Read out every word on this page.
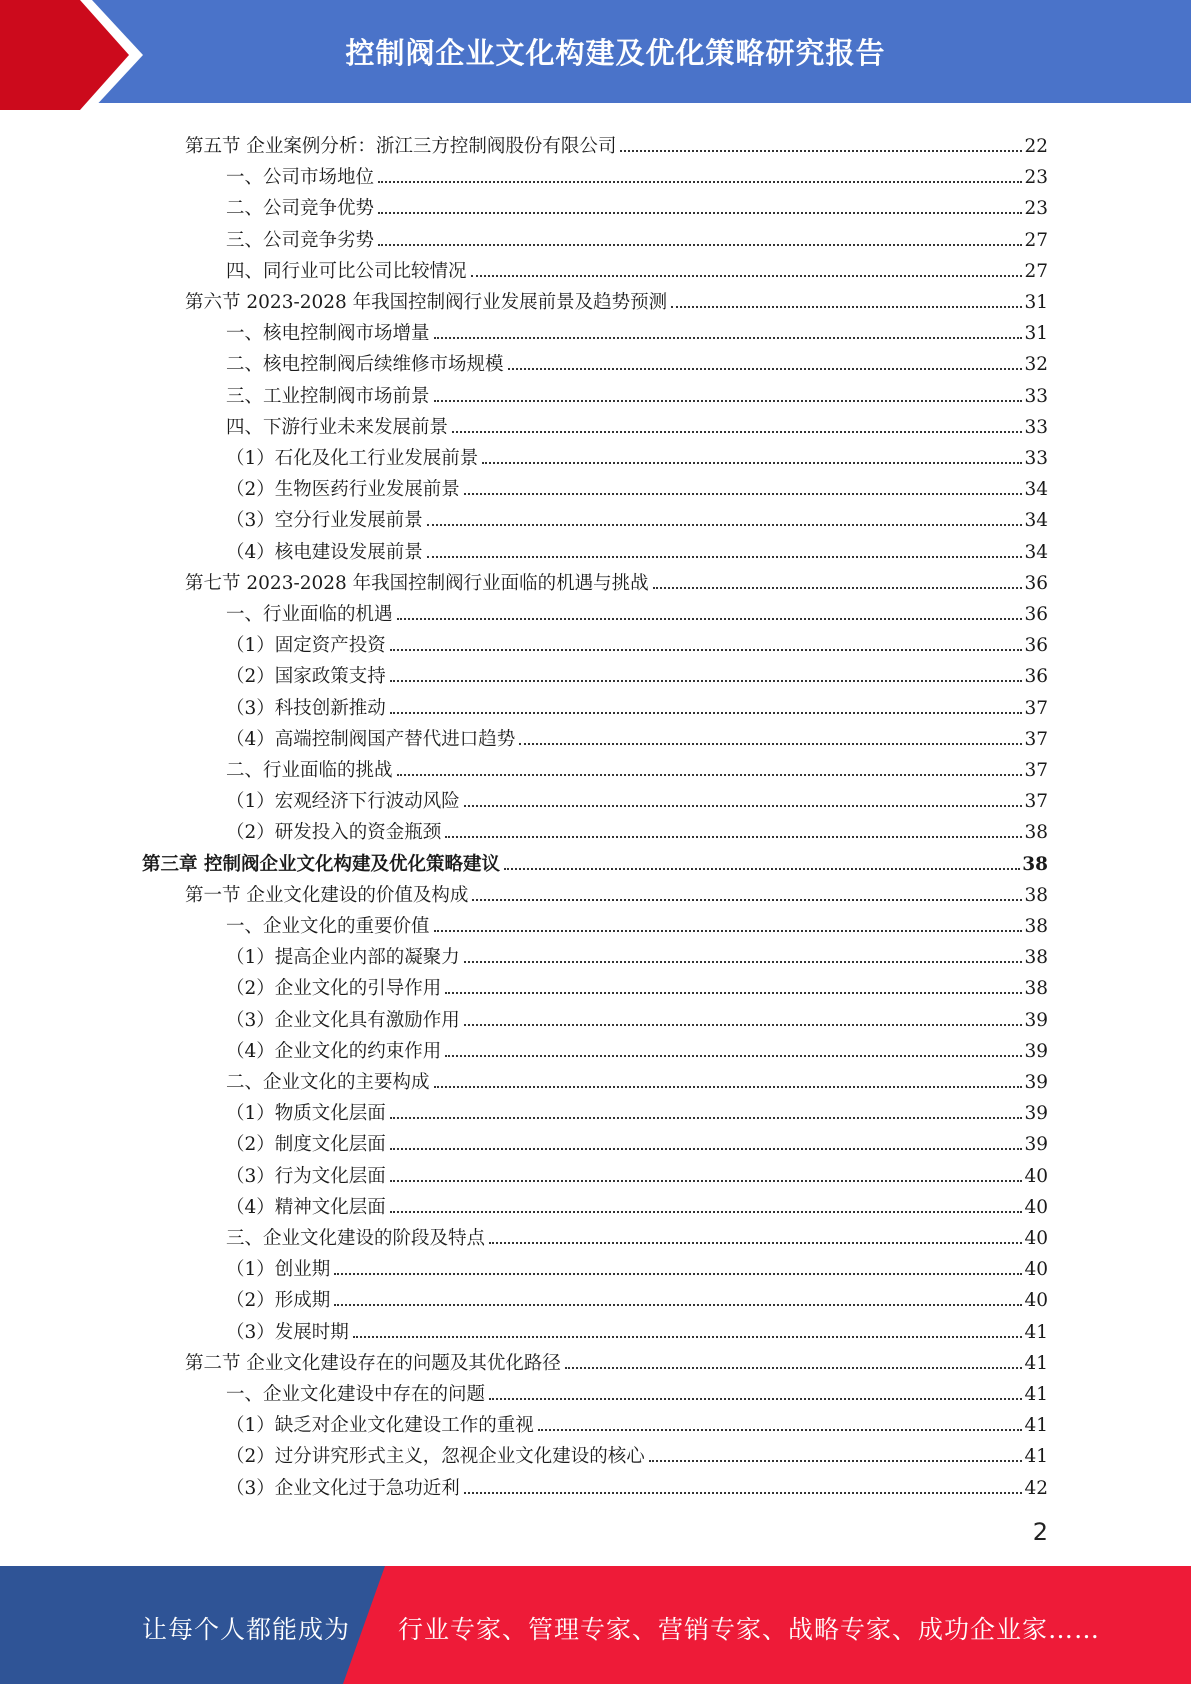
控制阀企业文化构建及优化策略研究报告
第五节 企业案例分析：浙江三方控制阀股份有限公司	22
一、公司市场地位	23
二、公司竞争优势	23
三、公司竞争劣势	27
四、同行业可比公司比较情况	27
第六节 2023-2028 年我国控制阀行业发展前景及趋势预测	31
一、核电控制阀市场增量	31
二、核电控制阀后续维修市场规模	32
三、工业控制阀市场前景	33
四、下游行业未来发展前景	33
（1）石化及化工行业发展前景	33
（2）生物医药行业发展前景	34
（3）空分行业发展前景	34
（4）核电建设发展前景	34
第七节 2023-2028 年我国控制阀行业面临的机遇与挑战	36
一、行业面临的机遇	36
（1）固定资产投资	36
（2）国家政策支持	36
（3）科技创新推动	37
（4）高端控制阀国产替代进口趋势	37
二、行业面临的挑战	37
（1）宏观经济下行波动风险	37
（2）研发投入的资金瓶颈	38
第三章 控制阀企业文化构建及优化策略建议	38
第一节 企业文化建设的价值及构成	38
一、企业文化的重要价值	38
（1）提高企业内部的凝聚力	38
（2）企业文化的引导作用	38
（3）企业文化具有激励作用	39
（4）企业文化的约束作用	39
二、企业文化的主要构成	39
（1）物质文化层面	39
（2）制度文化层面	39
（3）行为文化层面	40
（4）精神文化层面	40
三、企业文化建设的阶段及特点	40
（1）创业期	40
（2）形成期	40
（3）发展时期	41
第二节 企业文化建设存在的问题及其优化路径	41
一、企业文化建设中存在的问题	41
（1）缺乏对企业文化建设工作的重视	41
（2）过分讲究形式主义，忽视企业文化建设的核心	41
（3）企业文化过于急功近利	42
2
让每个人都能成为 行业专家、管理专家、营销专家、战略专家、成功企业家……
